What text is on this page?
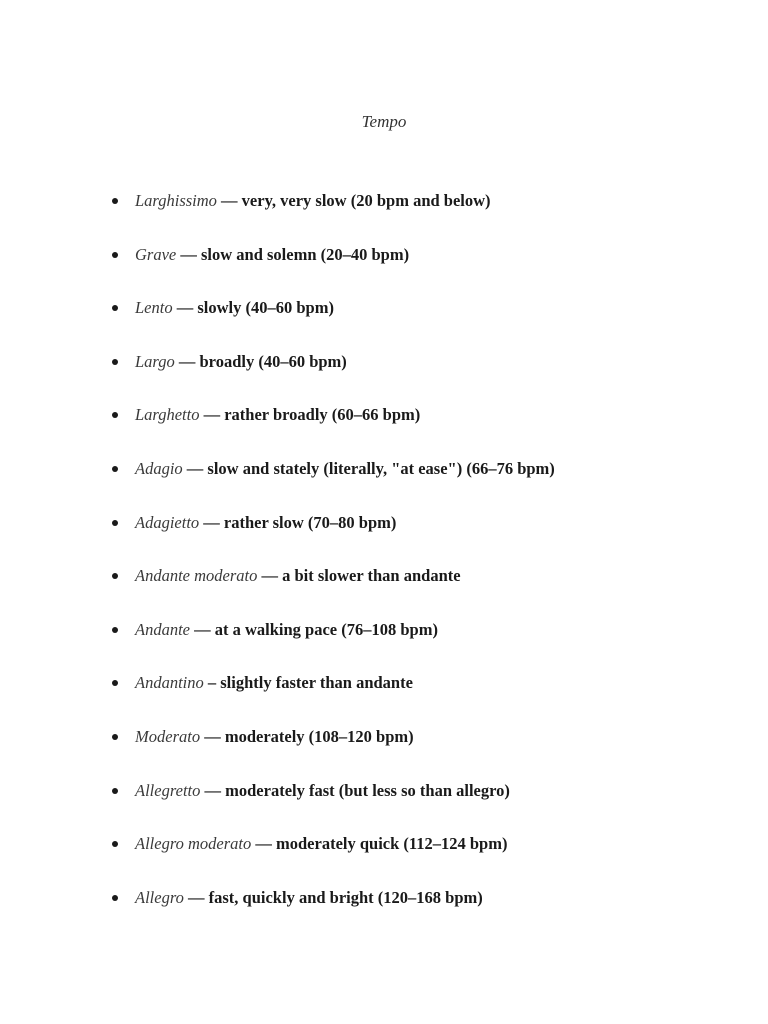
Tempo
Larghissimo — very, very slow (20 bpm and below)
Grave — slow and solemn (20–40 bpm)
Lento — slowly (40–60 bpm)
Largo — broadly (40–60 bpm)
Larghetto — rather broadly (60–66 bpm)
Adagio — slow and stately (literally, "at ease") (66–76 bpm)
Adagietto — rather slow (70–80 bpm)
Andante moderato — a bit slower than andante
Andante — at a walking pace (76–108 bpm)
Andantino – slightly faster than andante
Moderato — moderately (108–120 bpm)
Allegretto — moderately fast (but less so than allegro)
Allegro moderato — moderately quick (112–124 bpm)
Allegro — fast, quickly and bright (120–168 bpm)
